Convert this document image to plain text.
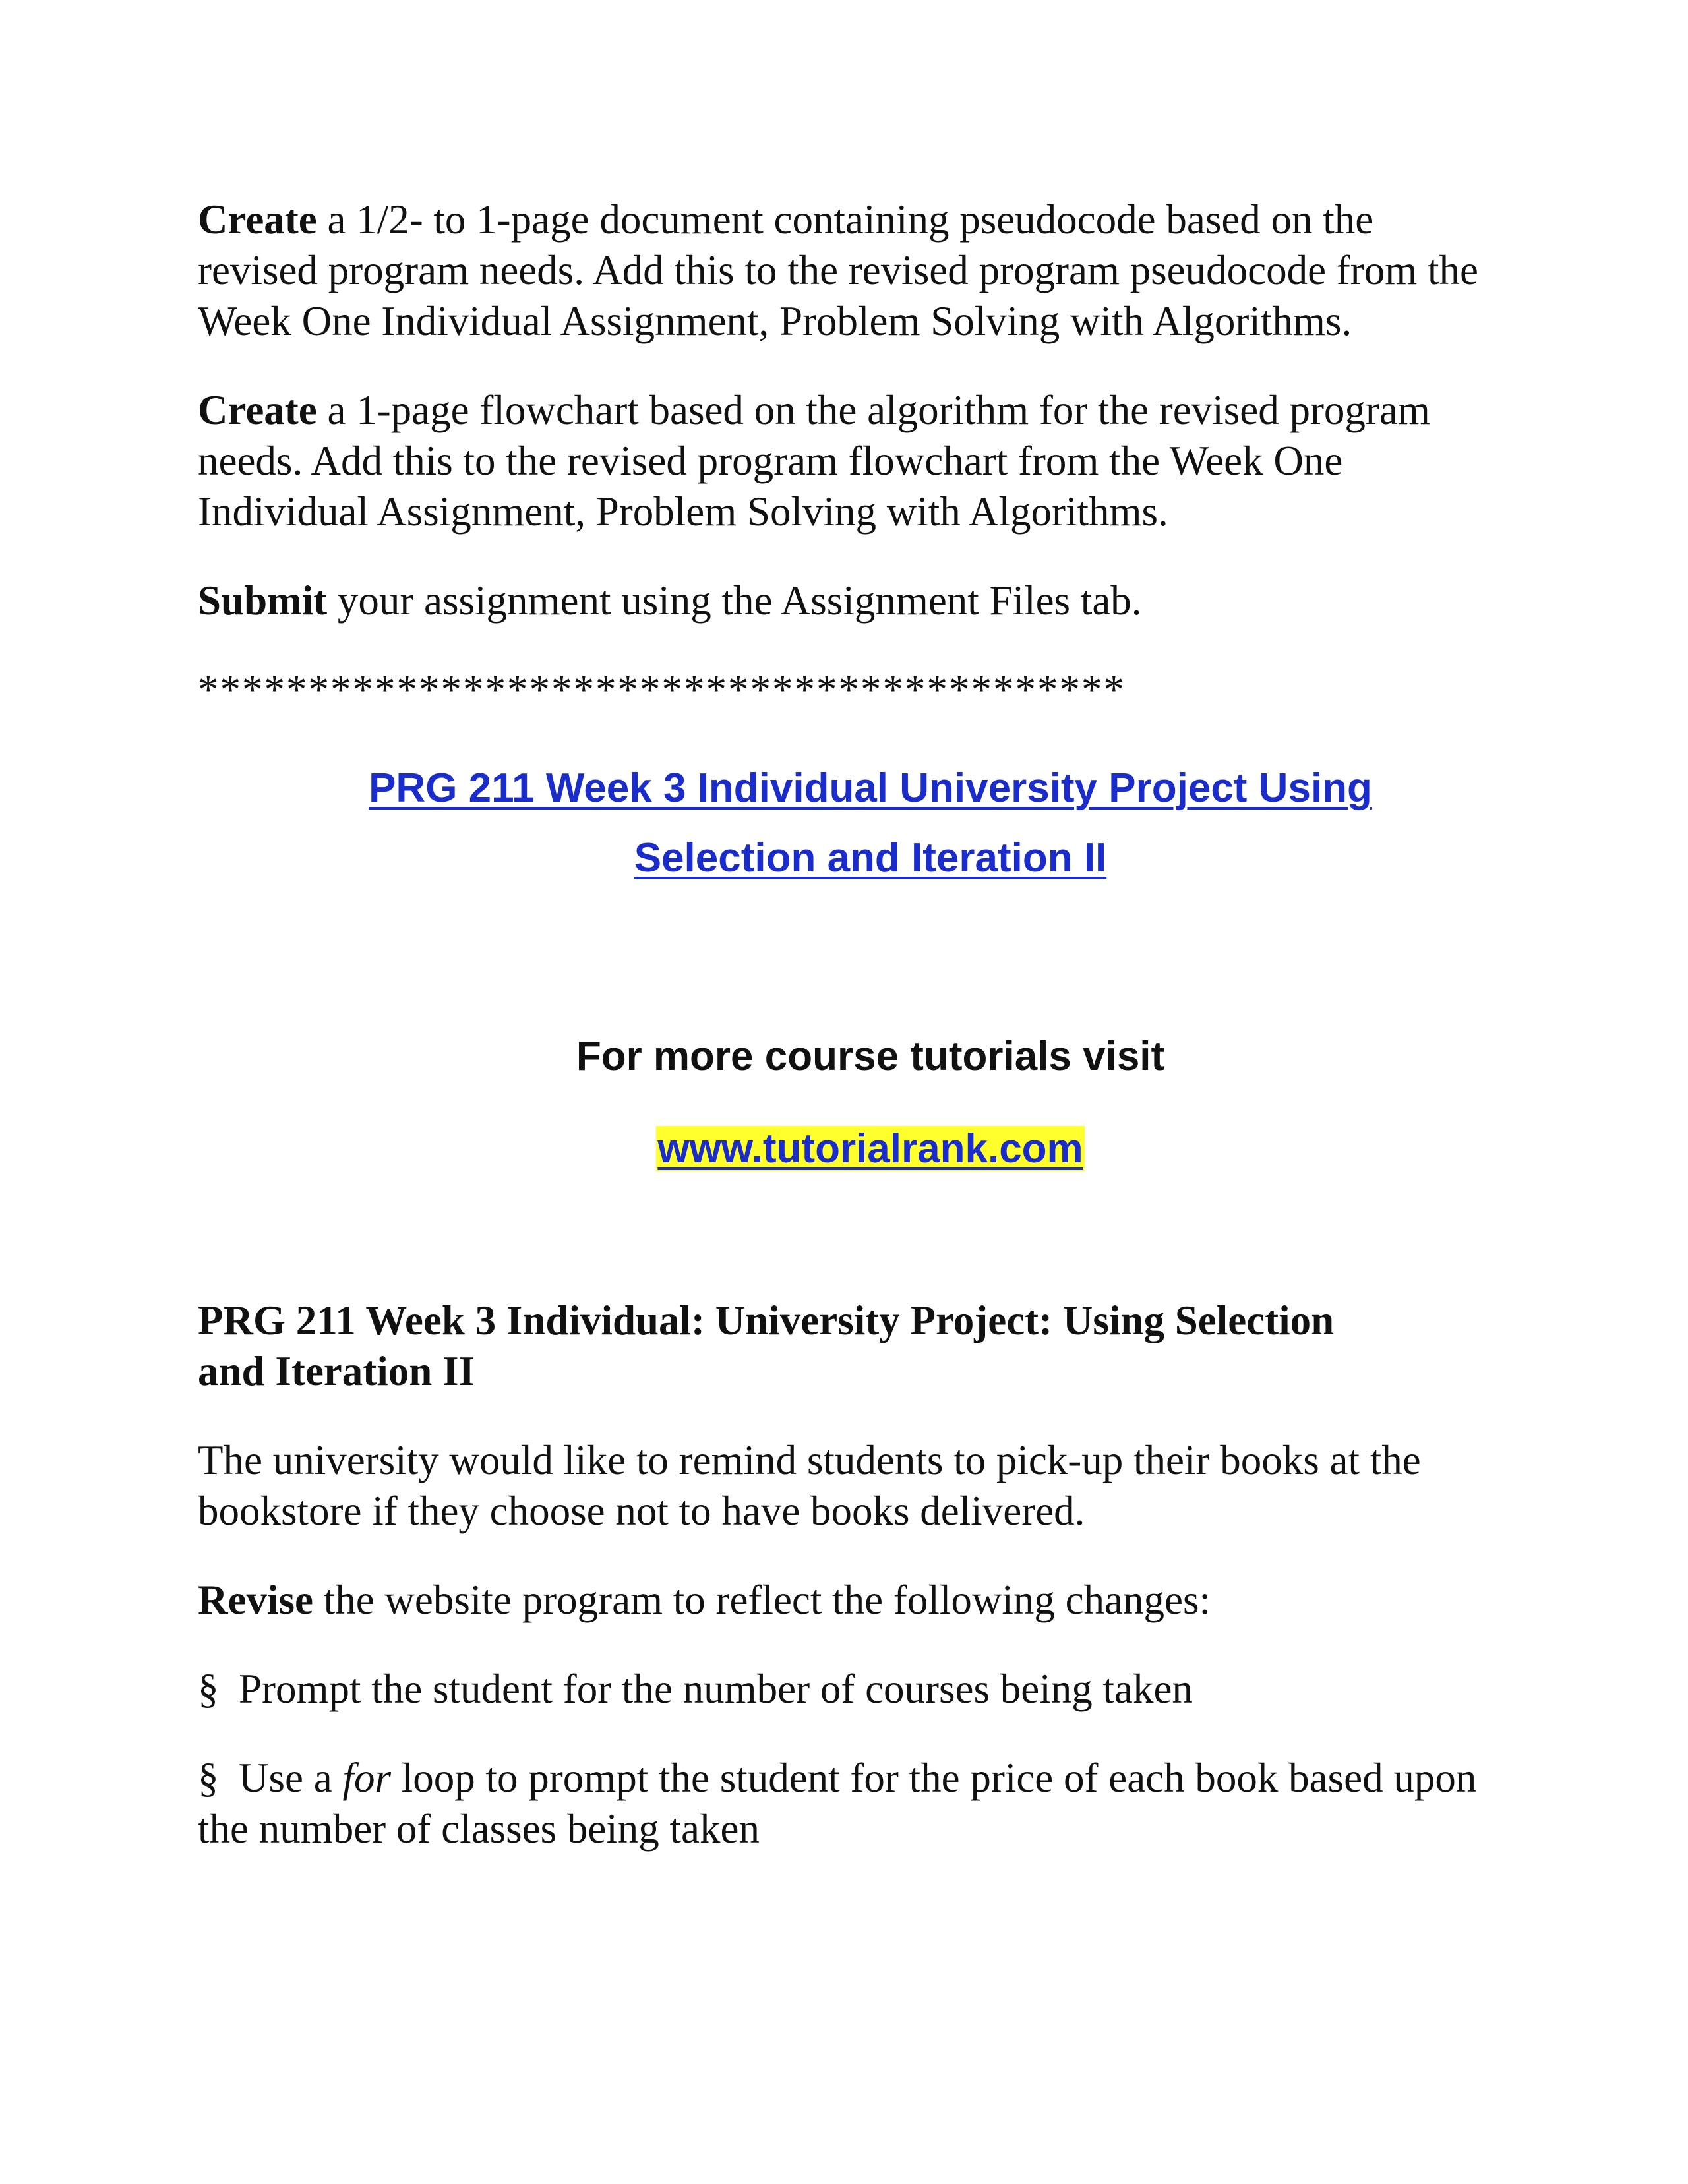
Create a 1/2- to 1-page document containing pseudocode based on the revised program needs. Add this to the revised program pseudocode from the Week One Individual Assignment, Problem Solving with Algorithms.

Create a 1-page flowchart based on the algorithm for the revised program needs. Add this to the revised program flowchart from the Week One Individual Assignment, Problem Solving with Algorithms.

Submit your assignment using the Assignment Files tab.

******************************************
PRG 211 Week 3 Individual University Project Using
Selection and Iteration II
For more course tutorials visit
www.tutorialrank.com
PRG 211 Week 3 Individual: University Project: Using Selection
and Iteration II

The university would like to remind students to pick-up their books at the bookstore if they choose not to have books delivered.

Revise the website program to reflect the following changes:

§ Prompt the student for the number of courses being taken

§ Use a for loop to prompt the student for the price of each book based upon the number of classes being taken
